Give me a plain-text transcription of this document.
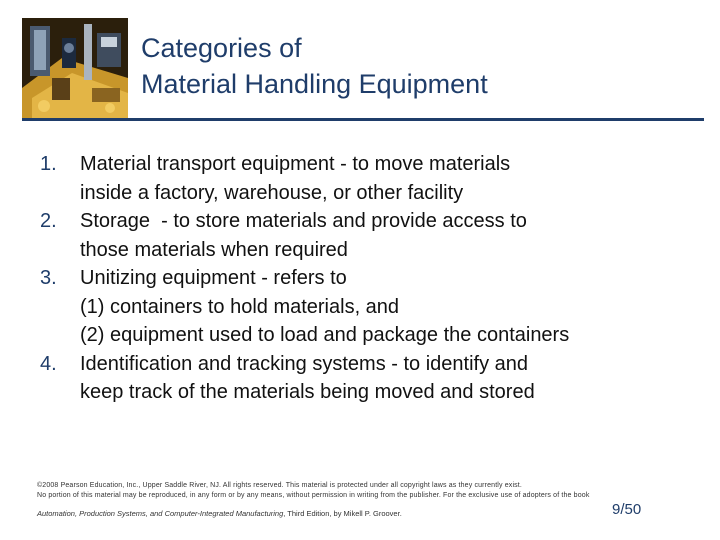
Categories of
Material Handling Equipment
1.	Material transport equipment - to move materials
inside a factory, warehouse, or other facility
2.	Storage  - to store materials and provide access to
those materials when required
3.	Unitizing equipment - refers to
(1) containers to hold materials, and
(2) equipment used to load and package the containers
4.	Identification and tracking systems - to identify and
keep track of the materials being moved and stored
©2008 Pearson Education, Inc., Upper Saddle River, NJ. All rights reserved. This material is protected under all copyright laws as they currently exist.
No portion of this material may be reproduced, in any form or by any means, without permission in writing from the publisher. For the exclusive use of adopters of the book
Automation, Production Systems, and Computer-Integrated Manufacturing, Third Edition, by Mikell P. Groover.	9/50
